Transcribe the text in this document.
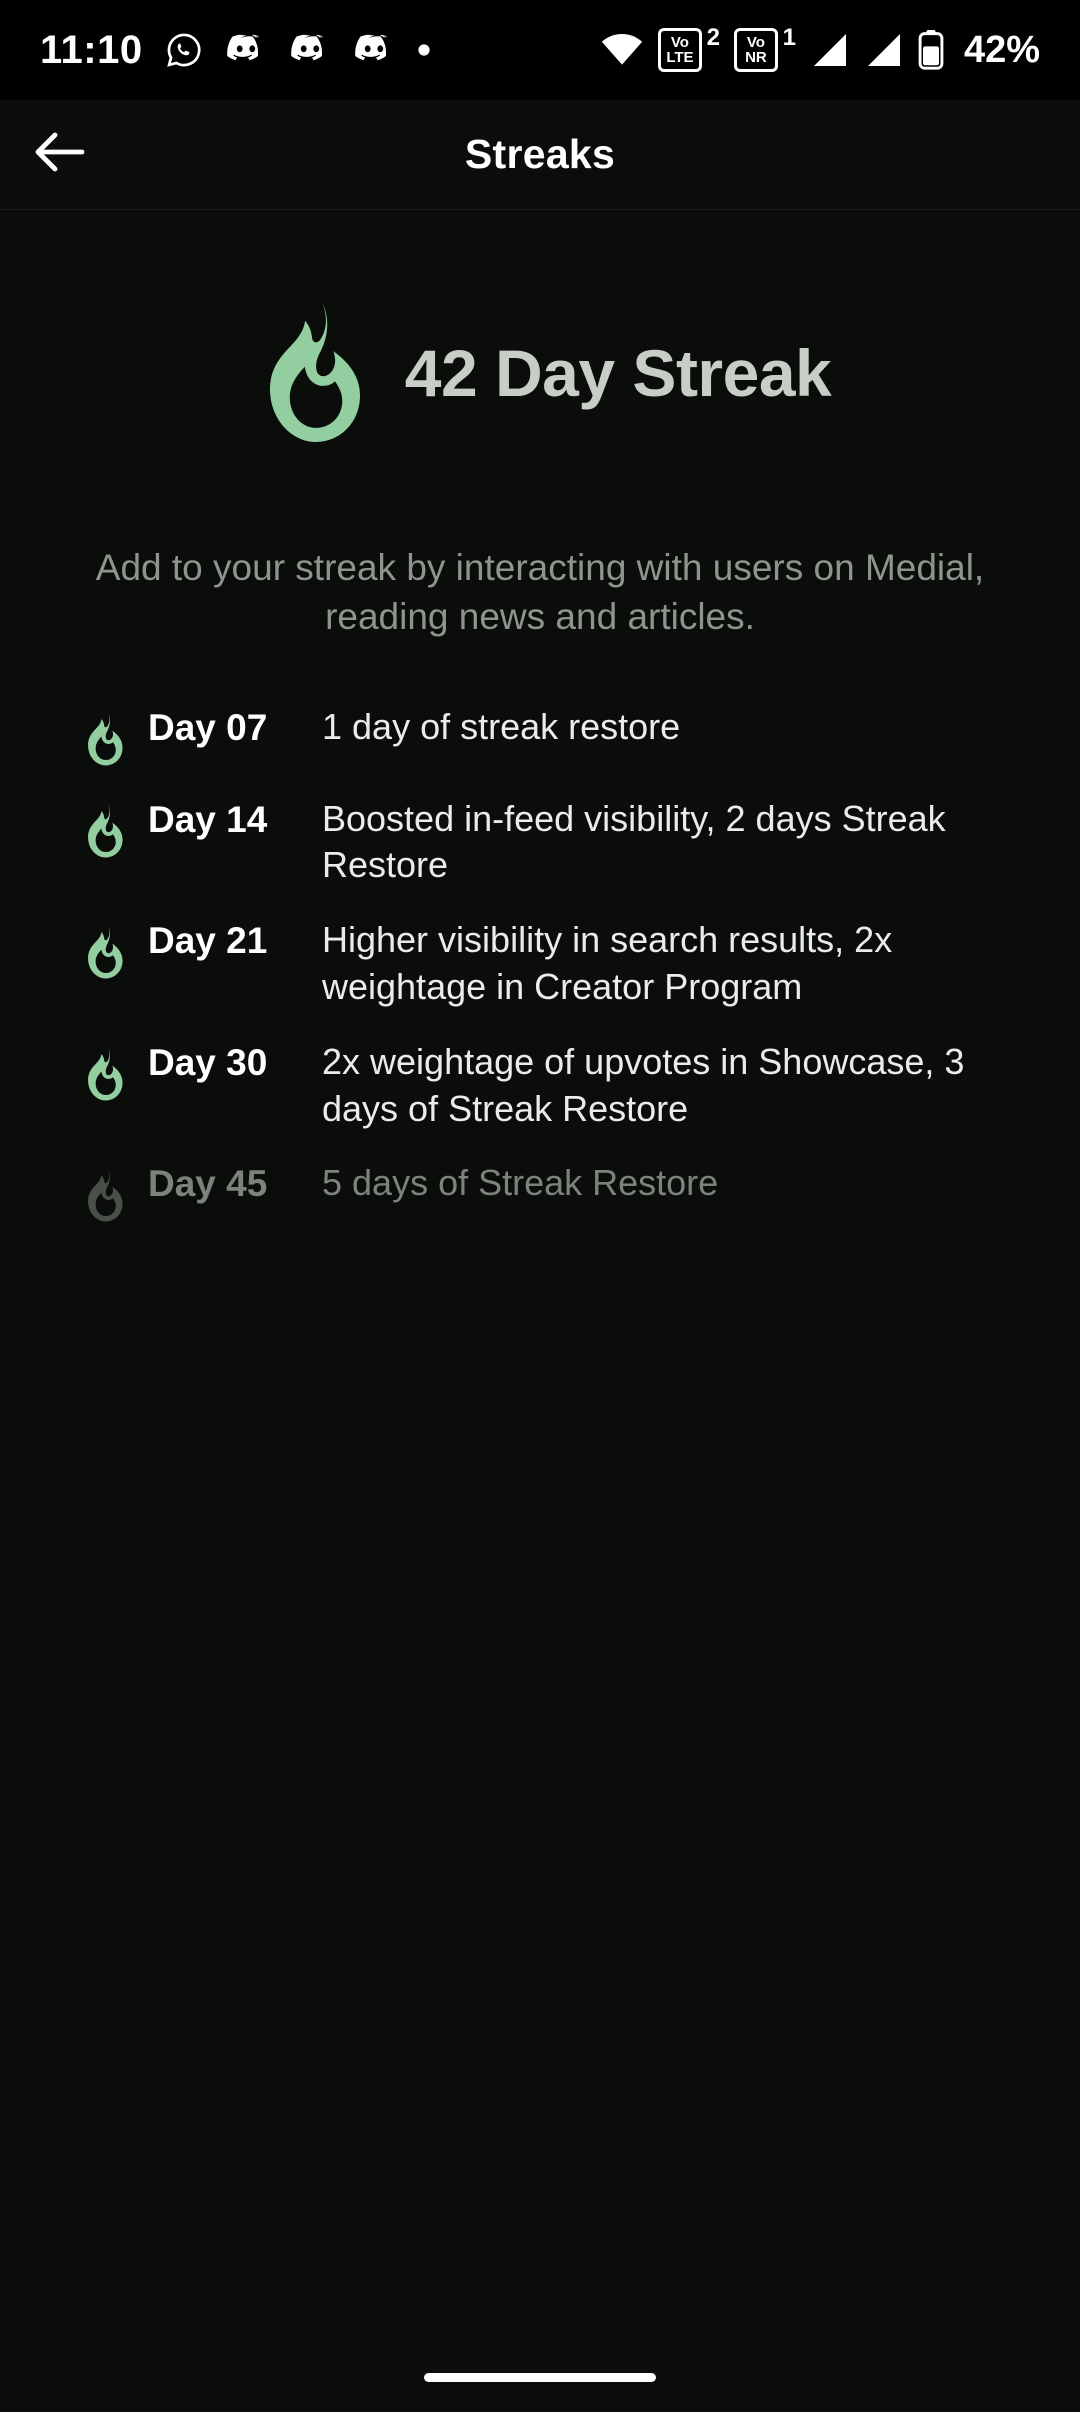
11:10	Vo
LTE
2 Vo
NR
1	42%
Streaks
42 Day Streak
Add to your streak by interacting with users on Medial, reading news and articles.
Day 07	1 day of streak restore
Day 14	Boosted in-feed visibility, 2 days Streak Restore
Day 21	Higher visibility in search results, 2x weightage in Creator Program
Day 30	2x weightage of upvotes in Showcase, 3 days of Streak Restore
Day 45	5 days of Streak Restore
